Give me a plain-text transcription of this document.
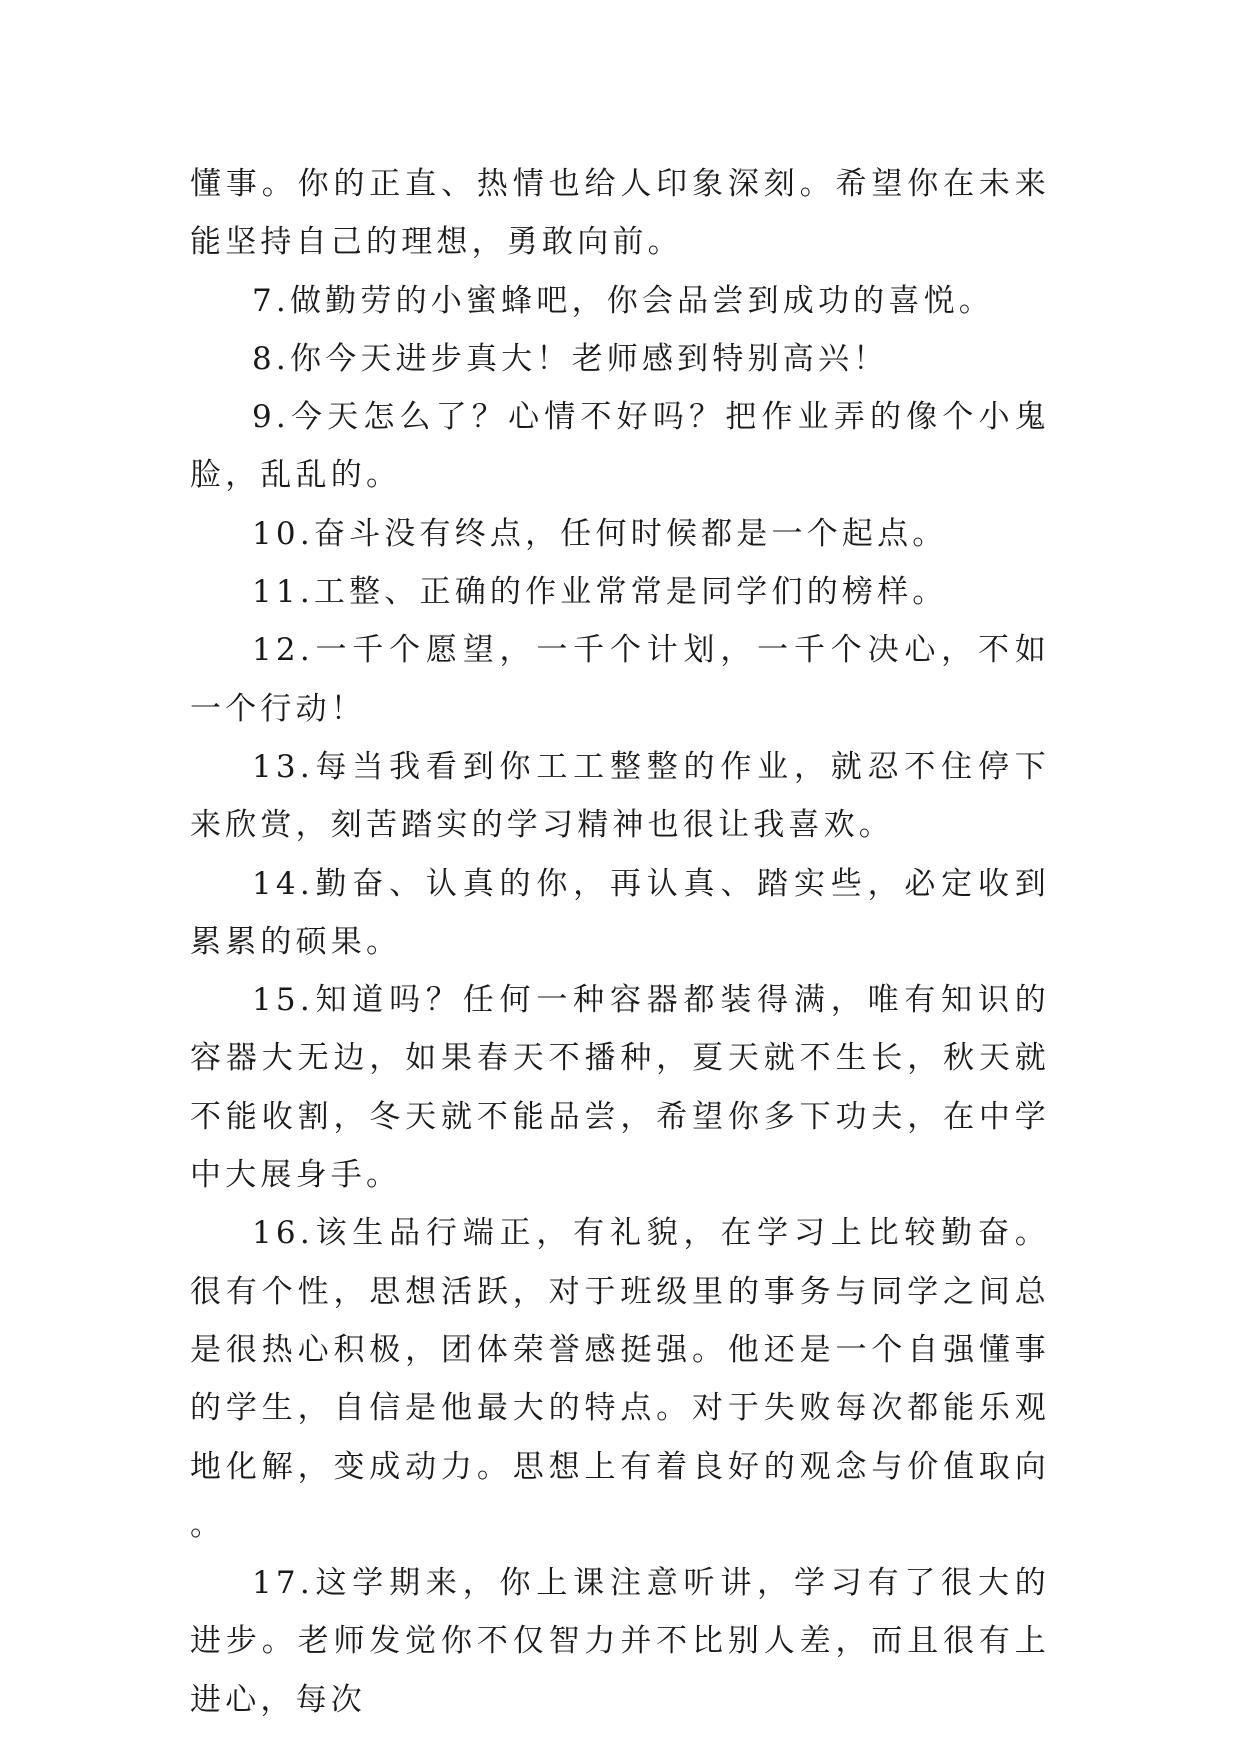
懂事。你的正直、热情也给人印象深刻。希望你在未来能坚持自己的理想，勇敢向前。

7.做勤劳的小蜜蜂吧，你会品尝到成功的喜悦。

8.你今天进步真大！老师感到特别高兴！

9.今天怎么了？心情不好吗？把作业弄的像个小鬼脸，乱乱的。

10.奋斗没有终点，任何时候都是一个起点。

11.工整、正确的作业常常是同学们的榜样。

12.一千个愿望，一千个计划，一千个决心，不如一个行动！

13.每当我看到你工工整整的作业，就忍不住停下来欣赏，刻苦踏实的学习精神也很让我喜欢。

14.勤奋、认真的你，再认真、踏实些，必定收到累累的硕果。

15.知道吗？任何一种容器都装得满，唯有知识的容器大无边，如果春天不播种，夏天就不生长，秋天就不能收割，冬天就不能品尝，希望你多下功夫，在中学中大展身手。

16.该生品行端正，有礼貌，在学习上比较勤奋。很有个性，思想活跃，对于班级里的事务与同学之间总是很热心积极，团体荣誉感挺强。他还是一个自强懂事的学生，自信是他最大的特点。对于失败每次都能乐观地化解，变成动力。思想上有着良好的观念与价值取向。

17.这学期来，你上课注意听讲，学习有了很大的进步。老师发觉你不仅智力并不比别人差，而且很有上进心，每次
